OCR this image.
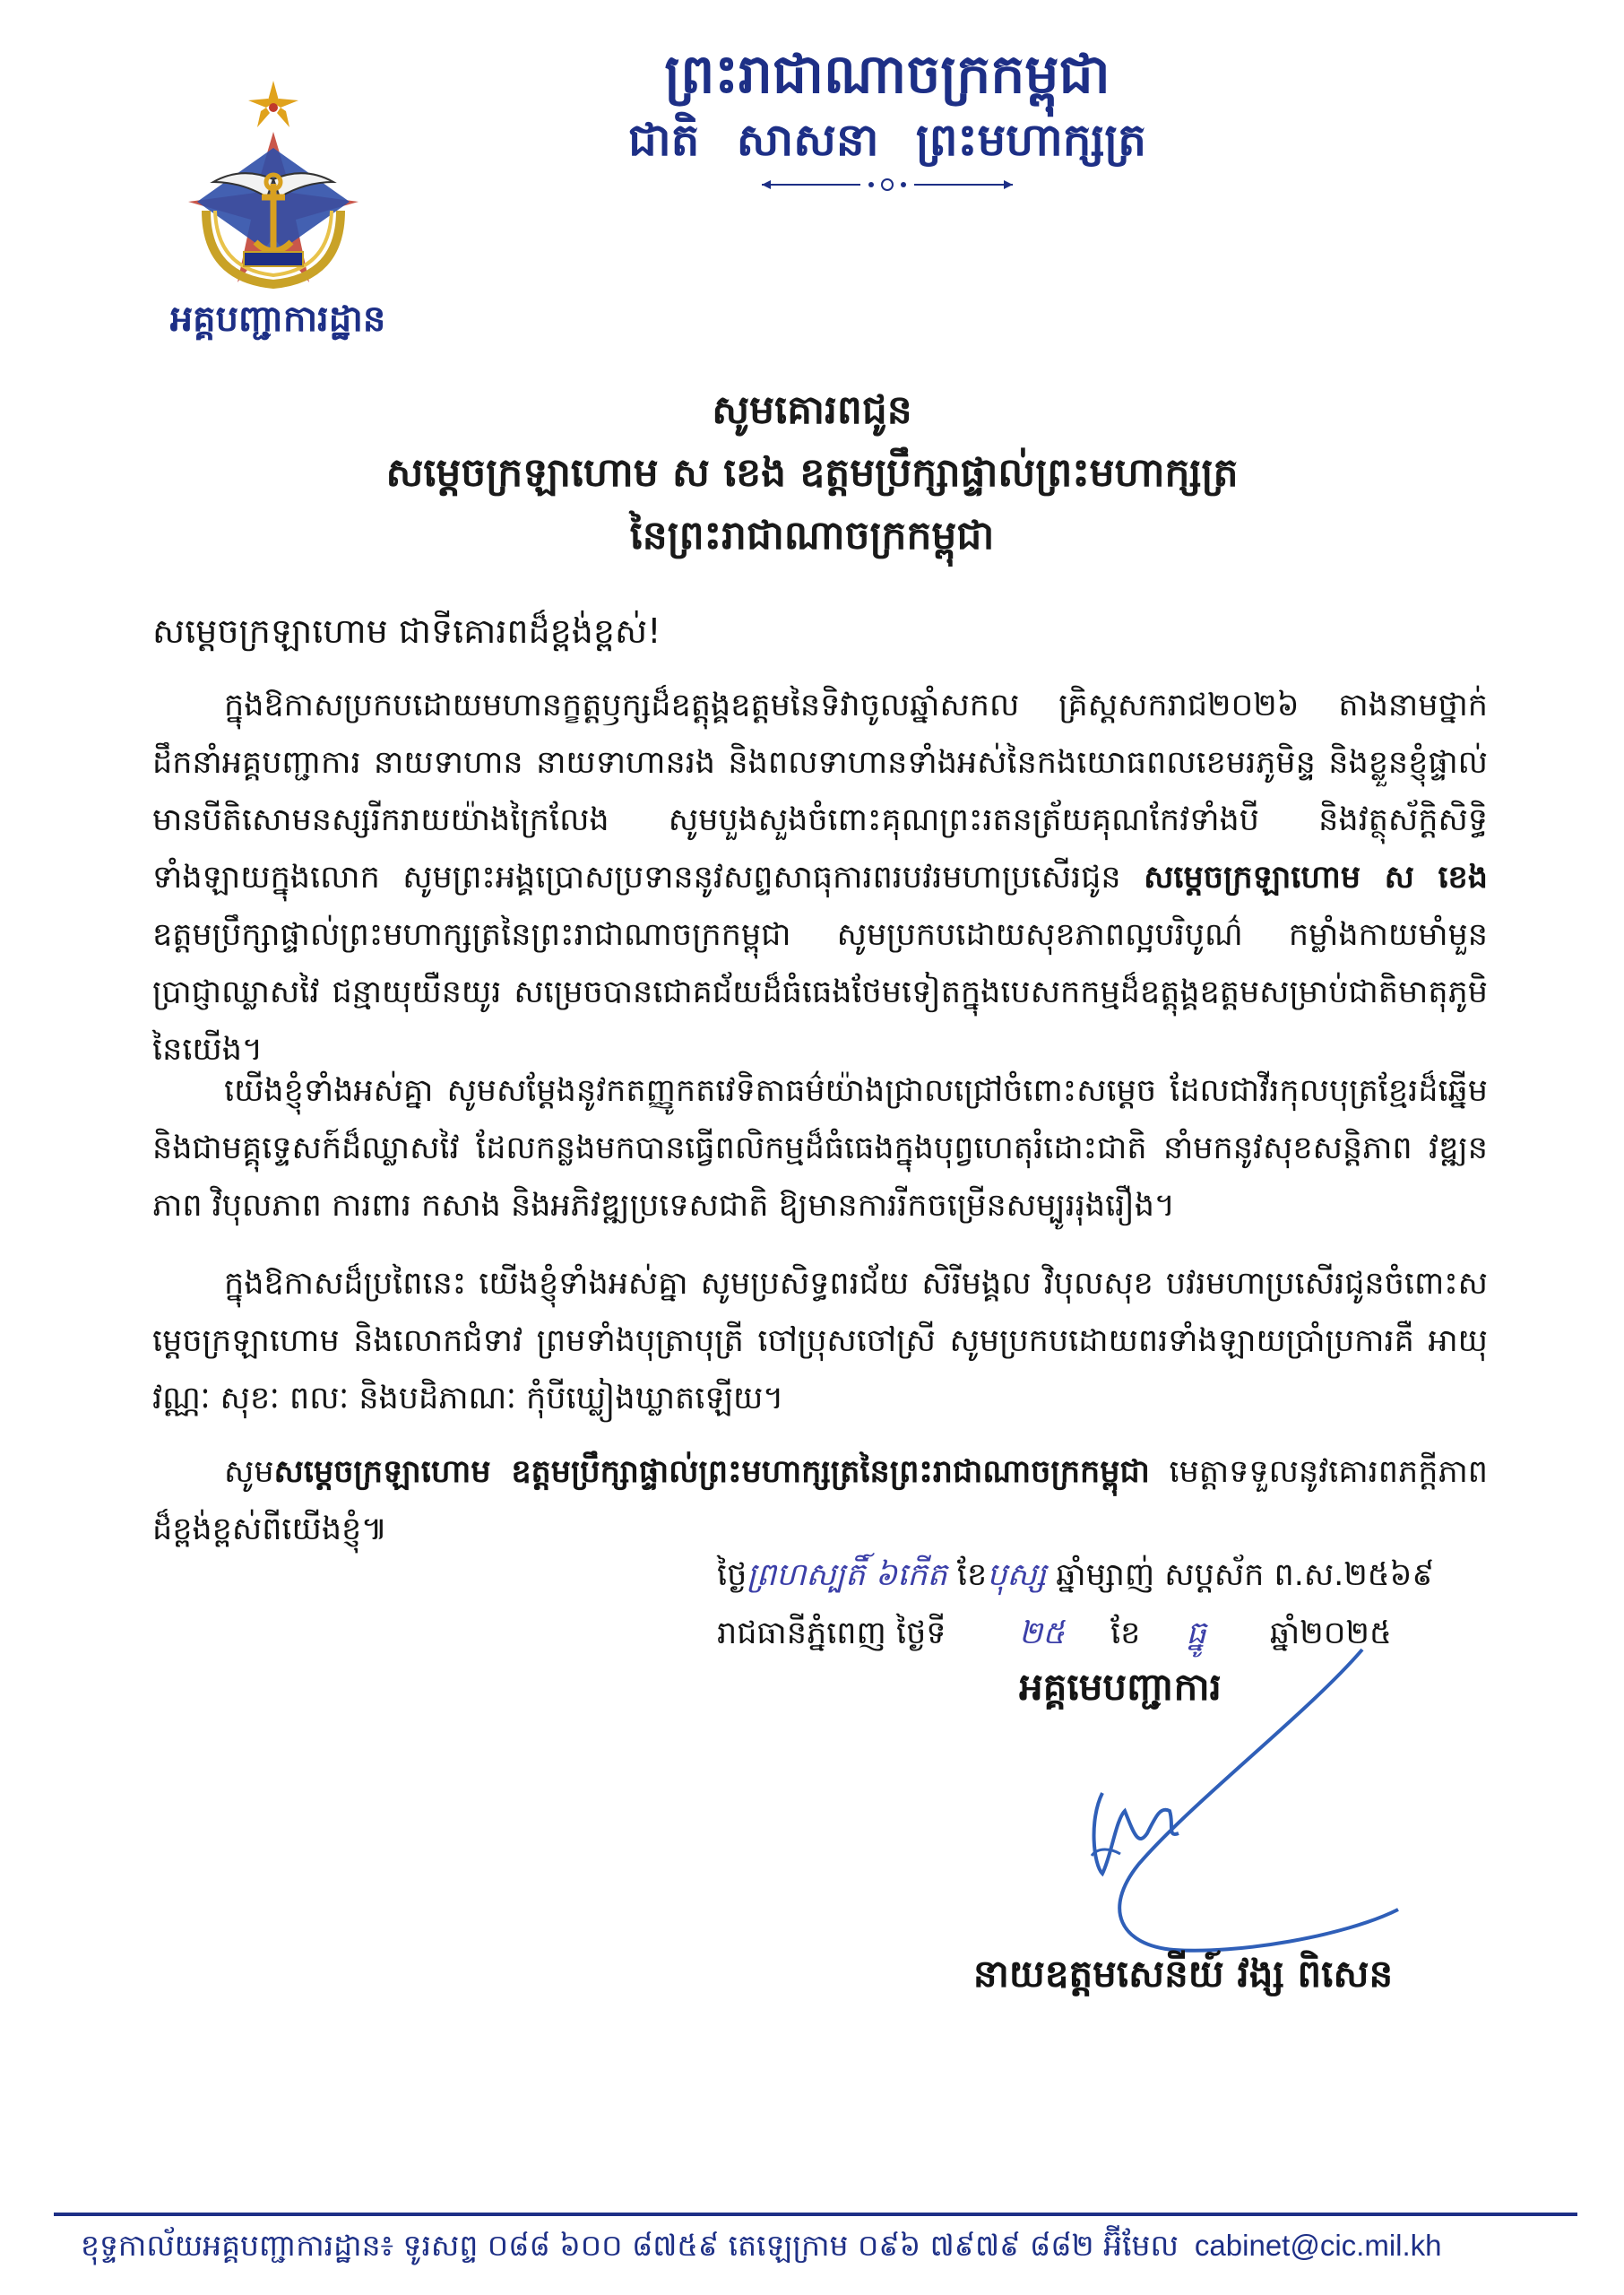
អគ្គបញ្ជាការដ្ឋាន
ព្រះរាជាណាចក្រកម្ពុជា
ជាតិ សាសនា ព្រះមហាក្សត្រ
សូមគោរពជូន
សម្តេចក្រឡាហោម ស ខេង ឧត្តមប្រឹក្សាផ្ទាល់ព្រះមហាក្សត្រ
នៃព្រះរាជាណាចក្រកម្ពុជា
សម្តេចក្រឡាហោម ជាទីគោរពដ៏ខ្ពង់ខ្ពស់!
ក្នុងឱកាសប្រកបដោយមហានក្ខត្តឫក្សដ៏ឧត្តុង្គឧត្តមនៃទិវាចូលឆ្នាំសកល គ្រិស្តសករាជ២០២៦ តាងនាមថ្នាក់ដឹកនាំអគ្គបញ្ជាការ នាយទាហាន នាយទាហានរង និងពលទាហានទាំងអស់នៃកងយោធពលខេមរភូមិន្ទ និងខ្លួនខ្ញុំផ្ទាល់ មានបីតិសោមនស្សរីករាយយ៉ាងក្រៃលែង សូមបួងសួងចំពោះគុណព្រះរតនត្រ័យគុណកែវទាំងបី និងវត្ថុស័ក្តិសិទ្ធិទាំងឡាយក្នុងលោក សូមព្រះអង្គប្រោសប្រទាននូវសព្ទសាធុការពរបវរមហាប្រសើរជូន សម្តេចក្រឡាហោម ស ខេង ឧត្តមប្រឹក្សាផ្ទាល់ព្រះមហាក្សត្រនៃព្រះរាជាណាចក្រកម្ពុជា សូមប្រកបដោយសុខភាពល្អបរិបូណ៌ កម្លាំងកាយមាំមួន ប្រាជ្ញាឈ្លាសវៃ ជន្មាយុយឺនយូរ សម្រេចបានជោគជ័យដ៏ធំធេងថែមទៀតក្នុងបេសកកម្មដ៏ឧត្តុង្គឧត្តមសម្រាប់ជាតិមាតុភូមិនៃយើង។
យើងខ្ញុំទាំងអស់គ្នា សូមសម្តែងនូវកតញ្ញូកតវេទិតាធម៌យ៉ាងជ្រាលជ្រៅចំពោះសម្តេច ដែលជាវីរកុលបុត្រខ្មែរដ៏ឆ្នើម និងជាមគ្គុទ្ទេសក៍ដ៏ឈ្លាសវៃ ដែលកន្លងមកបានធ្វើពលិកម្មដ៏ធំធេងក្នុងបុព្វហេតុរំដោះជាតិ នាំមកនូវសុខសន្តិភាព វឌ្ឍនភាព វិបុលភាព ការពារ កសាង និងអភិវឌ្ឍប្រទេសជាតិ ឱ្យមានការរីកចម្រើនសម្បូររុងរឿង។
ក្នុងឱកាសដ៏ប្រពៃនេះ យើងខ្ញុំទាំងអស់គ្នា សូមប្រសិទ្ធពរជ័យ សិរីមង្គល វិបុលសុខ បវរមហាប្រសើរជូនចំពោះសម្តេចក្រឡាហោម និងលោកជំទាវ ព្រមទាំងបុត្រាបុត្រី ចៅប្រុសចៅស្រី សូមប្រកបដោយពរទាំងឡាយប្រាំប្រការគឺ អាយុ វណ្ណៈ សុខៈ ពលៈ និងបដិភាណៈ កុំបីឃ្លៀងឃ្លាតឡើយ។
សូមសម្តេចក្រឡាហោម ឧត្តមប្រឹក្សាផ្ទាល់ព្រះមហាក្សត្រនៃព្រះរាជាណាចក្រកម្ពុជា មេត្តាទទួលនូវគោរពភក្តីភាពដ៏ខ្ពង់ខ្ពស់ពីយើងខ្ញុំ៕
ថ្ងៃព្រហស្បតិ៍ ៦កើត ខែបុស្ស ឆ្នាំម្សាញ់ សប្តស័ក ព.ស.២៥៦៩
រាជធានីភ្នំពេញ ថ្ងៃទី ២៥ ខែ ធ្នូ ឆ្នាំ២០២៥
អគ្គមេបញ្ជាការ
នាយឧត្តមសេនីយ៍ វង្ស ពិសេន
ខុទ្ទកាល័យអគ្គបញ្ជាការដ្ឋាន៖ ទូរសព្ទ ០៨៨ ៦០០ ៨៧៥៩ តេឡេក្រាម ០៩៦ ៧៩៧៩ ៨៨២ អ៊ីមែល cabinet@cic.mil.kh
